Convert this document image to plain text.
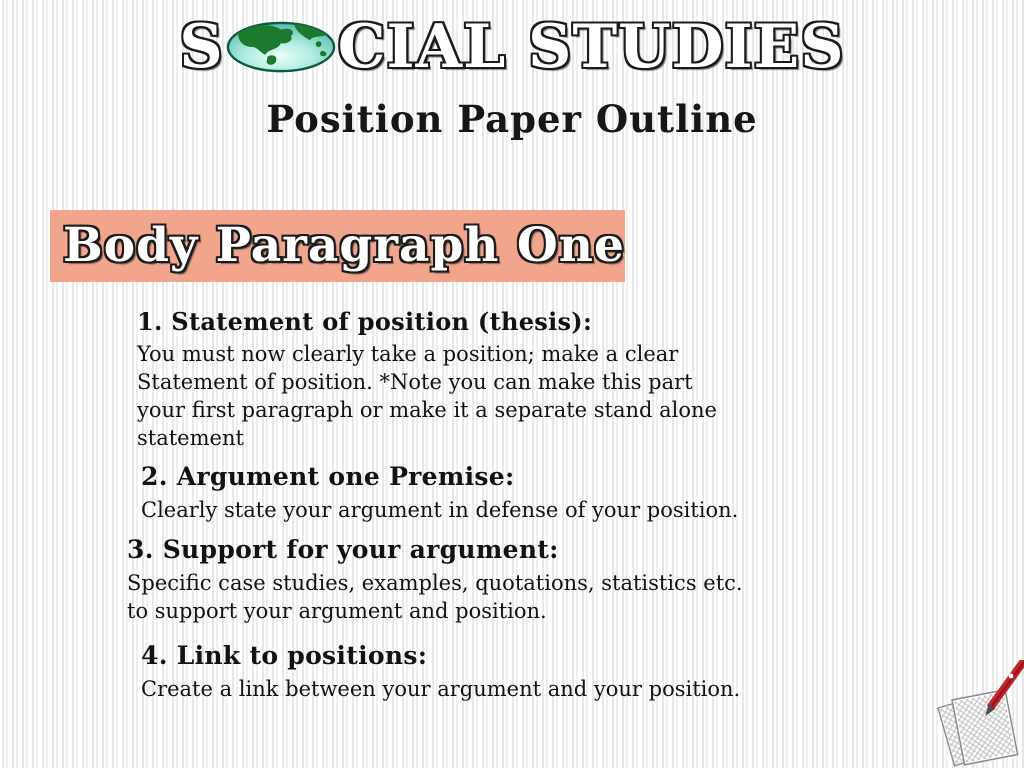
S CIAL STUDIES
Position Paper Outline
Body Paragraph One
1. Statement of position (thesis):
You must now clearly take a position; make a clear
Statement of position. *Note you can make this part
your first paragraph or make it a separate stand alone
statement
2. Argument one Premise:
Clearly state your argument in defense of your position.
3. Support for your argument:
Specific case studies, examples, quotations, statistics etc.
to support your argument and position.
4. Link to positions:
Create a link between your argument and your position.
